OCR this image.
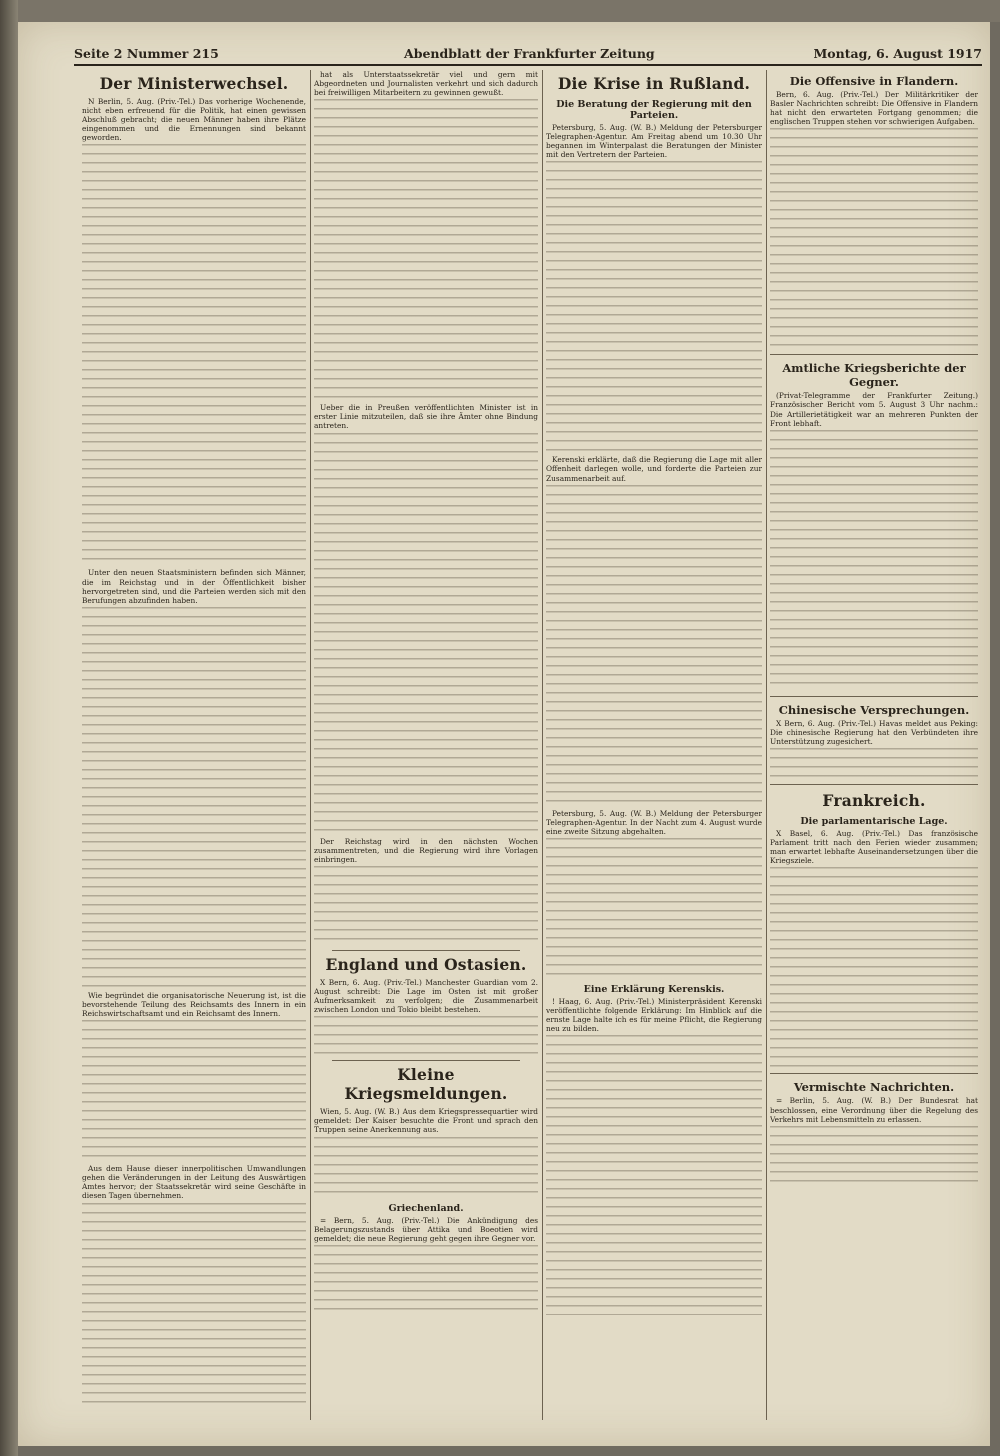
Seite 2 Nummer 215	Abendblatt der Frankfurter Zeitung	Montag, 6. August 1917
Der Ministerwechsel.

N Berlin, 5. Aug. (Priv.-Tel.) Das vorherige Wochenende, nicht eben erfreuend für die Politik, hat einen gewissen Abschluß gebracht; die neuen Männer haben ihre Plätze eingenommen und die Ernennungen sind bekannt geworden.

Unter den neuen Staatsministern befinden sich Männer, die im Reichstag und in der Öffentlichkeit bisher hervorgetreten sind, und die Parteien werden sich mit den Berufungen abzufinden haben.

Wie begründet die organisatorische Neuerung ist, ist die bevorstehende Teilung des Reichsamts des Innern in ein Reichswirtschaftsamt und ein Reichsamt des Innern.

Aus dem Hause dieser innerpolitischen Umwandlungen gehen die Veränderungen in der Leitung des Auswärtigen Amtes hervor; der Staatssekretär wird seine Geschäfte in diesen Tagen übernehmen.

hat als Unterstaatssekretär viel und gern mit Abgeordneten und Journalisten verkehrt und sich dadurch bei freiwilligen Mitarbeitern zu gewinnen gewußt.

Ueber die in Preußen veröffentlichten Minister ist in erster Linie mitzuteilen, daß sie ihre Ämter ohne Bindung antreten.

Der Reichstag wird in den nächsten Wochen zusammentreten, und die Regierung wird ihre Vorlagen einbringen.

England und Ostasien.

X Bern, 6. Aug. (Priv.-Tel.) Manchester Guardian vom 2. August schreibt: Die Lage im Osten ist mit großer Aufmerksamkeit zu verfolgen; die Zusammenarbeit zwischen London und Tokio bleibt bestehen.

Kleine Kriegsmeldungen.

Wien, 5. Aug. (W. B.) Aus dem Kriegspressequartier wird gemeldet: Der Kaiser besuchte die Front und sprach den Truppen seine Anerkennung aus.

Griechenland.

= Bern, 5. Aug. (Priv.-Tel.) Die Ankündigung des Belagerungszustands über Attika und Boeotien wird gemeldet; die neue Regierung geht gegen ihre Gegner vor.

Die Krise in Rußland.
Die Beratung der Regierung mit den Parteien.

Petersburg, 5. Aug. (W. B.) Meldung der Petersburger Telegraphen-Agentur. Am Freitag abend um 10.30 Uhr begannen im Winterpalast die Beratungen der Minister mit den Vertretern der Parteien.

Kerenski erklärte, daß die Regierung die Lage mit aller Offenheit darlegen wolle, und forderte die Parteien zur Zusammenarbeit auf.

Petersburg, 5. Aug. (W. B.) Meldung der Petersburger Telegraphen-Agentur. In der Nacht zum 4. August wurde eine zweite Sitzung abgehalten.

Eine Erklärung Kerenskis.

! Haag, 6. Aug. (Priv.-Tel.) Ministerpräsident Kerenski veröffentlichte folgende Erklärung: Im Hinblick auf die ernste Lage halte ich es für meine Pflicht, die Regierung neu zu bilden.

Die Offensive in Flandern.

Bern, 6. Aug. (Priv.-Tel.) Der Militärkritiker der Basler Nachrichten schreibt: Die Offensive in Flandern hat nicht den erwarteten Fortgang genommen; die englischen Truppen stehen vor schwierigen Aufgaben.

Amtliche Kriegsberichte der Gegner.

(Privat-Telegramme der Frankfurter Zeitung.) Französischer Bericht vom 5. August 3 Uhr nachm.: Die Artillerietätigkeit war an mehreren Punkten der Front lebhaft.

Chinesische Versprechungen.

X Bern, 6. Aug. (Priv.-Tel.) Havas meldet aus Peking: Die chinesische Regierung hat den Verbündeten ihre Unterstützung zugesichert.

Frankreich.
Die parlamentarische Lage.

X Basel, 6. Aug. (Priv.-Tel.) Das französische Parlament tritt nach den Ferien wieder zusammen; man erwartet lebhafte Auseinandersetzungen über die Kriegsziele.

Vermischte Nachrichten.

= Berlin, 5. Aug. (W. B.) Der Bundesrat hat beschlossen, eine Verordnung über die Regelung des Verkehrs mit Lebensmitteln zu erlassen.
